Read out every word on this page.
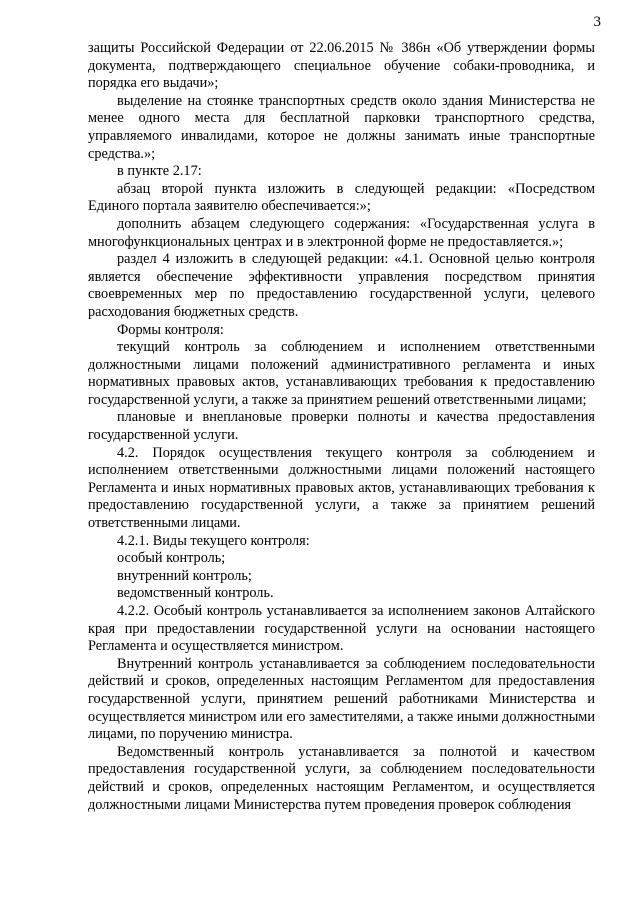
3

защиты Российской Федерации от 22.06.2015 № 386н «Об утверждении формы документа, подтверждающего специальное обучение собаки-проводника, и порядка его выдачи»;

выделение на стоянке транспортных средств около здания Министерства не менее одного места для бесплатной парковки транспортного средства, управляемого инвалидами, которое не должны занимать иные транспортные средства.»;

в пункте 2.17:

абзац второй пункта изложить в следующей редакции: «Посредством Единого портала заявителю обеспечивается:»;

дополнить абзацем следующего содержания: «Государственная услуга в многофункциональных центрах и в электронной форме не предоставляется.»;

раздел 4 изложить в следующей редакции: «4.1. Основной целью контроля является обеспечение эффективности управления посредством принятия своевременных мер по предоставлению государственной услуги, целевого расходования бюджетных средств.

Формы контроля:

текущий контроль за соблюдением и исполнением ответственными должностными лицами положений административного регламента и иных нормативных правовых актов, устанавливающих требования к предоставлению государственной услуги, а также за принятием решений ответственными лицами;

плановые и внеплановые проверки полноты и качества предоставления государственной услуги.

4.2. Порядок осуществления текущего контроля за соблюдением и исполнением ответственными должностными лицами положений настоящего Регламента и иных нормативных правовых актов, устанавливающих требования к предоставлению государственной услуги, а также за принятием решений ответственными лицами.

4.2.1. Виды текущего контроля:

особый контроль;

внутренний контроль;

ведомственный контроль.

4.2.2. Особый контроль устанавливается за исполнением законов Алтайского края при предоставлении государственной услуги на основании настоящего Регламента и осуществляется министром.

Внутренний контроль устанавливается за соблюдением последовательности действий и сроков, определенных настоящим Регламентом для предоставления государственной услуги, принятием решений работниками Министерства и осуществляется министром или его заместителями, а также иными должностными лицами, по поручению министра.

Ведомственный контроль устанавливается за полнотой и качеством предоставления государственной услуги, за соблюдением последовательности действий и сроков, определенных настоящим Регламентом, и осуществляется должностными лицами Министерства путем проведения проверок соблюдения
